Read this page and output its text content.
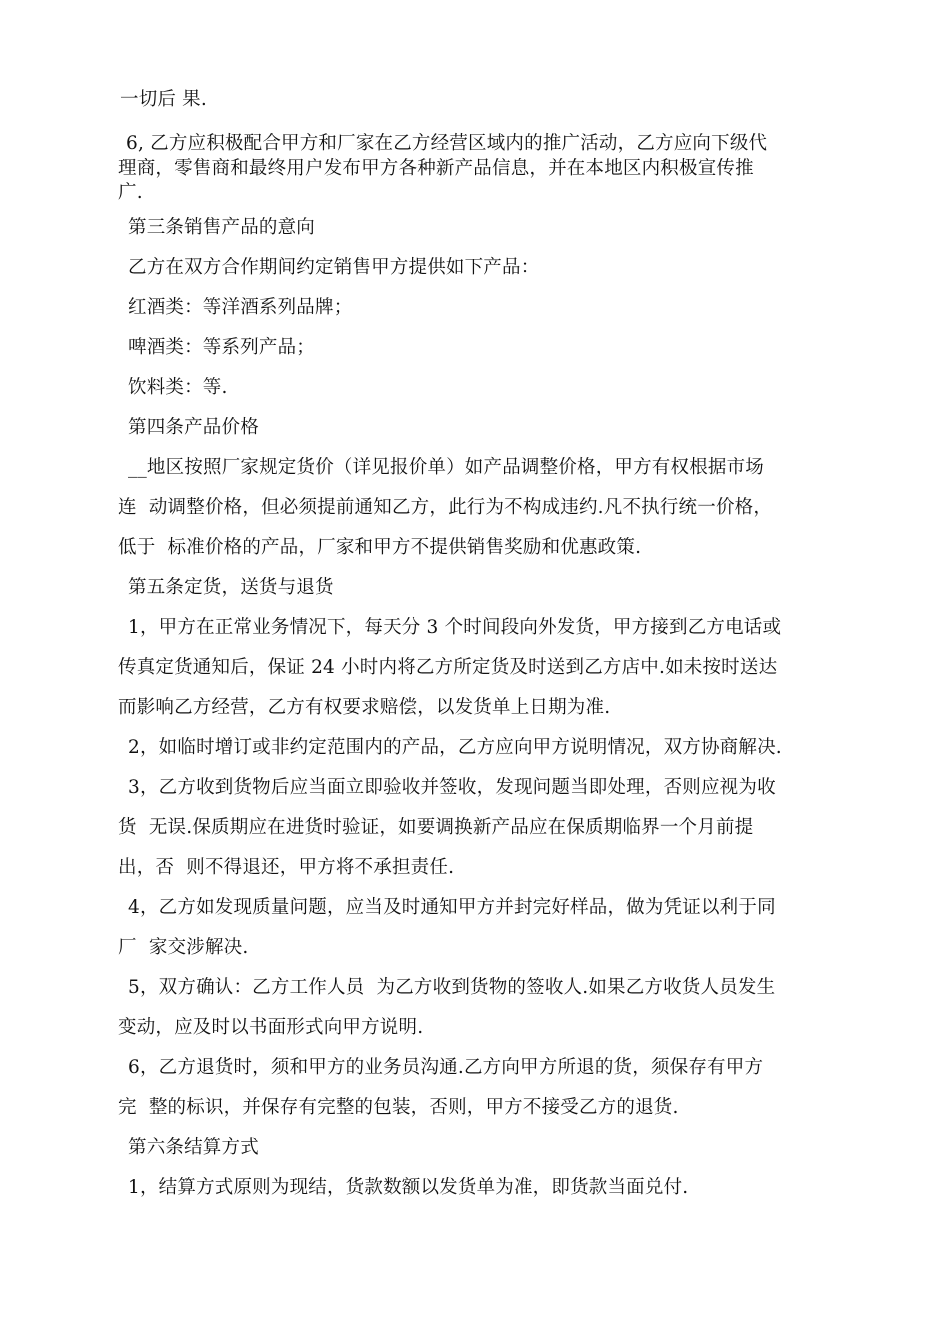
一切后 果.
6, 乙方应积极配合甲方和厂家在乙方经营区域内的推广活动，乙方应向下级代
理商，零售商和最终用户发布甲方各种新产品信息，并在本地区内积极宣传推
广.
第三条销售产品的意向
乙方在双方合作期间约定销售甲方提供如下产品：
红酒类：等洋酒系列品牌；
啤酒类：等系列产品；
饮料类：等.
第四条产品价格
__地区按照厂家规定货价（详见报价单）如产品调整价格，甲方有权根据市场
连  动调整价格，但必须提前通知乙方，此行为不构成违约.凡不执行统一价格，
低于  标准价格的产品，厂家和甲方不提供销售奖励和优惠政策.
第五条定货，送货与退货
1，甲方在正常业务情况下，每天分 3 个时间段向外发货，甲方接到乙方电话或
传真定货通知后，保证 24 小时内将乙方所定货及时送到乙方店中.如未按时送达
而影响乙方经营，乙方有权要求赔偿，以发货单上日期为准.
2，如临时增订或非约定范围内的产品，乙方应向甲方说明情况，双方协商解决.
3，乙方收到货物后应当面立即验收并签收，发现问题当即处理，否则应视为收
货  无误.保质期应在进货时验证，如要调换新产品应在保质期临界一个月前提
出，否  则不得退还，甲方将不承担责任.
4，乙方如发现质量问题，应当及时通知甲方并封完好样品，做为凭证以利于同
厂  家交涉解决.
5，双方确认：乙方工作人员  为乙方收到货物的签收人.如果乙方收货人员发生
变动，应及时以书面形式向甲方说明.
6，乙方退货时，须和甲方的业务员沟通.乙方向甲方所退的货，须保存有甲方
完  整的标识，并保存有完整的包装，否则，甲方不接受乙方的退货.
第六条结算方式
1，结算方式原则为现结，货款数额以发货单为准，即货款当面兑付.
